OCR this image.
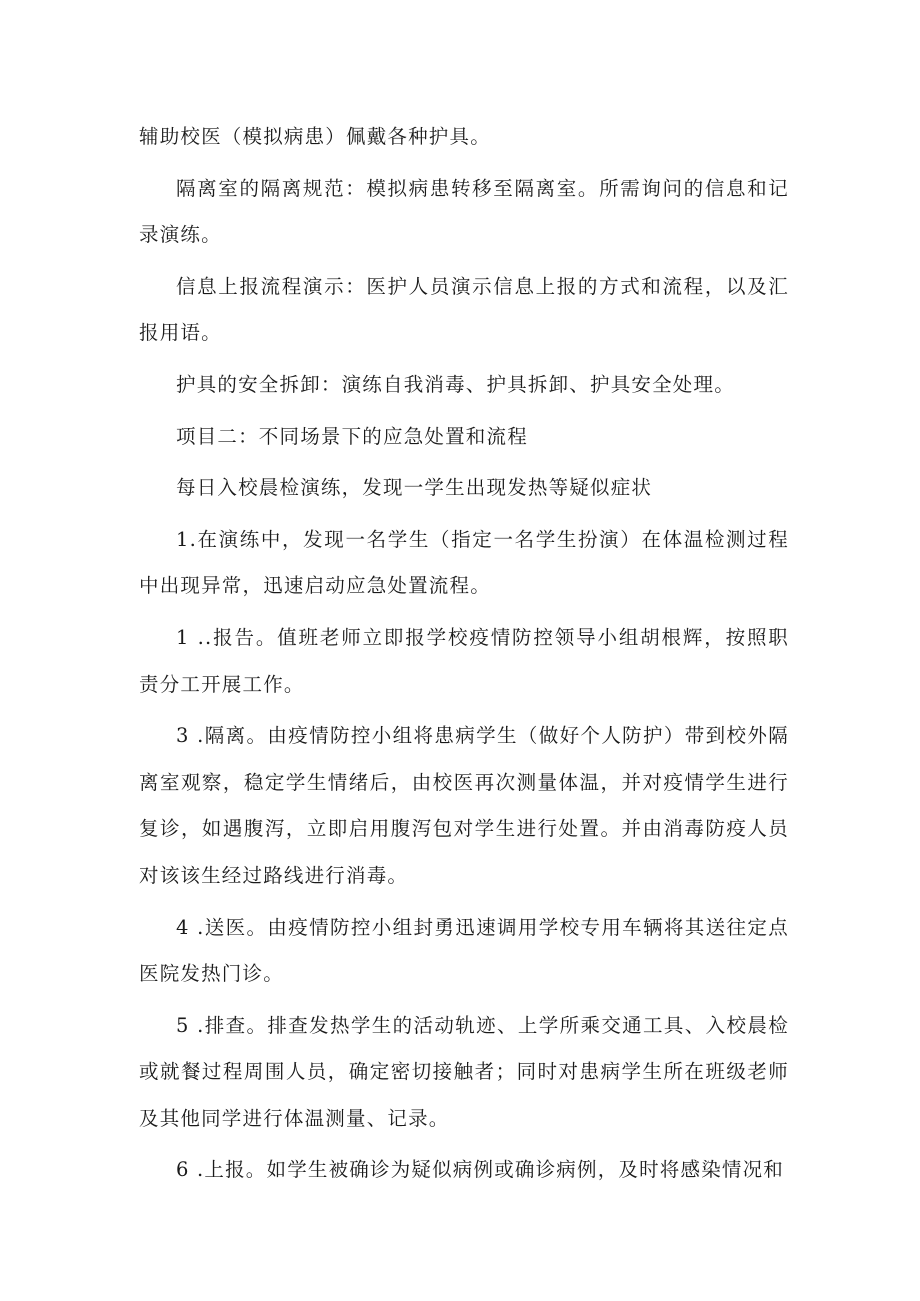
辅助校医（模拟病患）佩戴各种护具。

隔离室的隔离规范：模拟病患转移至隔离室。所需询问的信息和记录演练。

信息上报流程演示：医护人员演示信息上报的方式和流程，以及汇报用语。

护具的安全拆卸：演练自我消毒、护具拆卸、护具安全处理。

项目二：不同场景下的应急处置和流程

每日入校晨检演练，发现一学生出现发热等疑似症状

1.在演练中，发现一名学生（指定一名学生扮演）在体温检测过程中出现异常，迅速启动应急处置流程。

1 ..报告。值班老师立即报学校疫情防控领导小组胡根辉，按照职责分工开展工作。

3 .隔离。由疫情防控小组将患病学生（做好个人防护）带到校外隔离室观察，稳定学生情绪后，由校医再次测量体温，并对疫情学生进行复诊，如遇腹泻，立即启用腹泻包对学生进行处置。并由消毒防疫人员对该该生经过路线进行消毒。

4 .送医。由疫情防控小组封勇迅速调用学校专用车辆将其送往定点医院发热门诊。

5 .排查。排查发热学生的活动轨迹、上学所乘交通工具、入校晨检或就餐过程周围人员，确定密切接触者；同时对患病学生所在班级老师及其他同学进行体温测量、记录。

6 .上报。如学生被确诊为疑似病例或确诊病例，及时将感染情况和
